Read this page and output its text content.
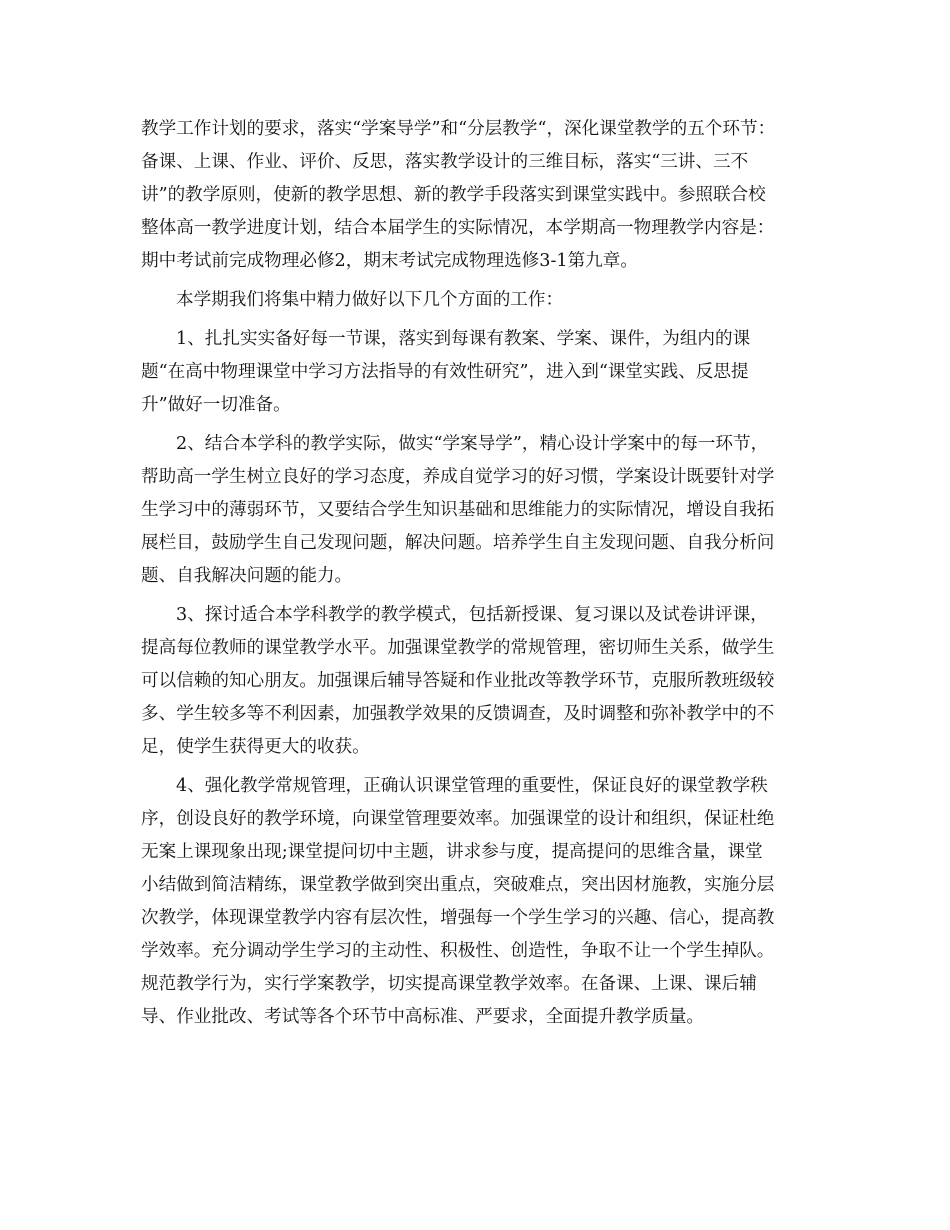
教学工作计划的要求，落实“学案导学”和“分层教学“，深化课堂教学的五个环节：
备课、上课、作业、评价、反思，落实教学设计的三维目标，落实“三讲、三不
讲”的教学原则，使新的教学思想、新的教学手段落实到课堂实践中。参照联合校
整体高一教学进度计划，结合本届学生的实际情况，本学期高一物理教学内容是：
期中考试前完成物理必修2，期末考试完成物理选修3-1第九章。
本学期我们将集中精力做好以下几个方面的工作：
1、扎扎实实备好每一节课，落实到每课有教案、学案、课件，为组内的课
题“在高中物理课堂中学习方法指导的有效性研究”，进入到“课堂实践、反思提
升”做好一切准备。
2、结合本学科的教学实际，做实“学案导学”，精心设计学案中的每一环节，
帮助高一学生树立良好的学习态度，养成自觉学习的好习惯，学案设计既要针对学
生学习中的薄弱环节，又要结合学生知识基础和思维能力的实际情况，增设自我拓
展栏目，鼓励学生自己发现问题，解决问题。培养学生自主发现问题、自我分析问
题、自我解决问题的能力。
3、探讨适合本学科教学的教学模式，包括新授课、复习课以及试卷讲评课，
提高每位教师的课堂教学水平。加强课堂教学的常规管理，密切师生关系，做学生
可以信赖的知心朋友。加强课后辅导答疑和作业批改等教学环节，克服所教班级较
多、学生较多等不利因素，加强教学效果的反馈调查，及时调整和弥补教学中的不
足，使学生获得更大的收获。
4、强化教学常规管理，正确认识课堂管理的重要性，保证良好的课堂教学秩
序，创设良好的教学环境，向课堂管理要效率。加强课堂的设计和组织，保证杜绝
无案上课现象出现;课堂提问切中主题，讲求参与度，提高提问的思维含量，课堂
小结做到简洁精练，课堂教学做到突出重点，突破难点，突出因材施教，实施分层
次教学，体现课堂教学内容有层次性，增强每一个学生学习的兴趣、信心，提高教
学效率。充分调动学生学习的主动性、积极性、创造性，争取不让一个学生掉队。
规范教学行为，实行学案教学，切实提高课堂教学效率。在备课、上课、课后辅
导、作业批改、考试等各个环节中高标准、严要求，全面提升教学质量。
